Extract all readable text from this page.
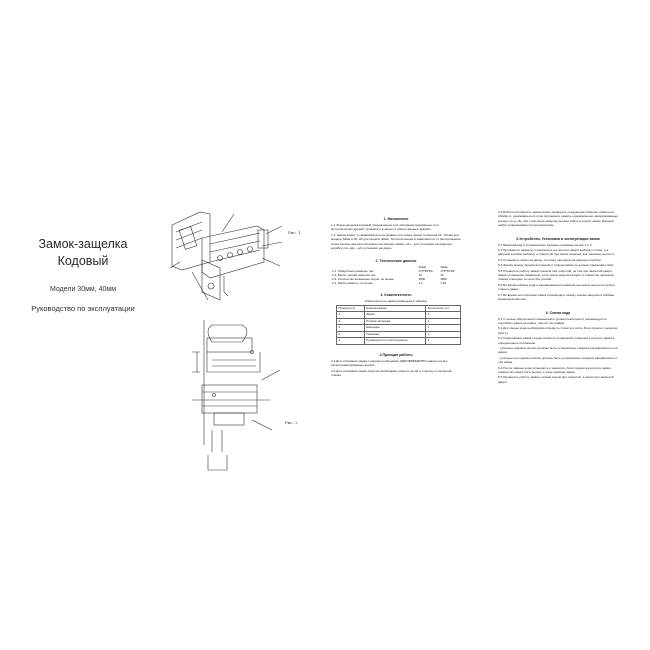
Замок-защелка
Кодовый
Модели 30мм, 40мм
Руководство по эксплуатации
Рис. 1
Рис. 2
1. Назначение

1.1 Замок-защелка кодовый предназначен для запирания деревянных или металлических дверей, применять в жилых и общественных зданиях.

1.2. Замок может устанавливаться на правые или левые двери толщиной 24...30 мм для модели 30мм и 40..45 для модели 40мм. Тип исполнения в зависимости от расположения скоса засова защелки обозначен на крышке замка: «Л» - для установки на дверную коробку или «Д» - для установки на дверь.

2. Технические данные
	30мм	40мм
2.1. Габаритные размеры, мм	175*50*80	175*50*98
2.2. Вылет засова защелки, мм	15	15
2.3. Количество возможных кодов, не менее	1500	1800
2.4. Масса замка кг, не более	1,1	1,25
3. Комплектность
Комплектность замка приведена в таблице
Позиция (1)	Наименование	Количество, шт
1	Замок	1
2	Планка запорная	1
3	Накладка	1
4	Упаковка	1
5	Руководство по эксплуатации	1
4.Принцип работы

4.1 Для отпирания замка с наружи необходимо ОДНОВРЕМЕННО нажать на все запрограммированные кнопки.

4.2 Для отпирания замка изнутри необходимо отвести рычаг в сторону от запорной планки.

4.3 Работоспособность замка можно проверить следующим образом: нажать на обойму и, удерживая ее в этом положении, нажать одновременно закодированные кнопки «1» и «6» при этом засов защелки должен войти в корпус замка. Данный шифр устанавливается изготовителем.

5.Устройство, Установка и эксплуатация замка

5.1 Внешний вид и установочные размеры показаны на рис.1 и 2.

5.2 Произвести разметку и выполнить на полотне двери выборку и пазы, а в дверной коробке выборку и отверстия под засов защелки, как показано на рис.2

5.3 Установить замок на дверь, а планку запорную на дверную коробку.

5.4 Засову между запорной планкой и торцом замка не должно превышать 3мм.

5.5 Проверить работу замка сначала при открытой, за тем при закрытой двери. Замок установлен правильно, если засов защелки входит в отверстие запорной планки и выходит из него без усилий.

5.6 Во время набора кода и одновременного нажатия на кнопки нельзя пытаться открыть дверь.

5.7 Во время эксплуатации замка производить смазку засова защелки и обоймы машинным маслом.

6. Смена кода

6.1 С целью обеспечения повышенного уровня секретности рекомендуется подобрать замок на новых, чем на три цифры.

6.2 Для смены кода необходимо отвернуть 4 винта и снять блок пружин с рычагом (рис.1).

6.3 Кодирование замка осуществляется установкой гуляльцев в корпусе замка в определенное положение.

- гуляльцы кодовых кнопок должны быть установлены сзадем в направлении к оси замка.

- гуляльцы не кодовых кнопок должны быть установлены сзадем в направлении от оси замка.

6.4 После замены кода установить и закрепить блок пружин на корпусе замка, совместив отверстия в рычаге с осью привода замка.

6.5 Проверить работу замка с новым кодом при открытой, а затем при закрытой двери.
